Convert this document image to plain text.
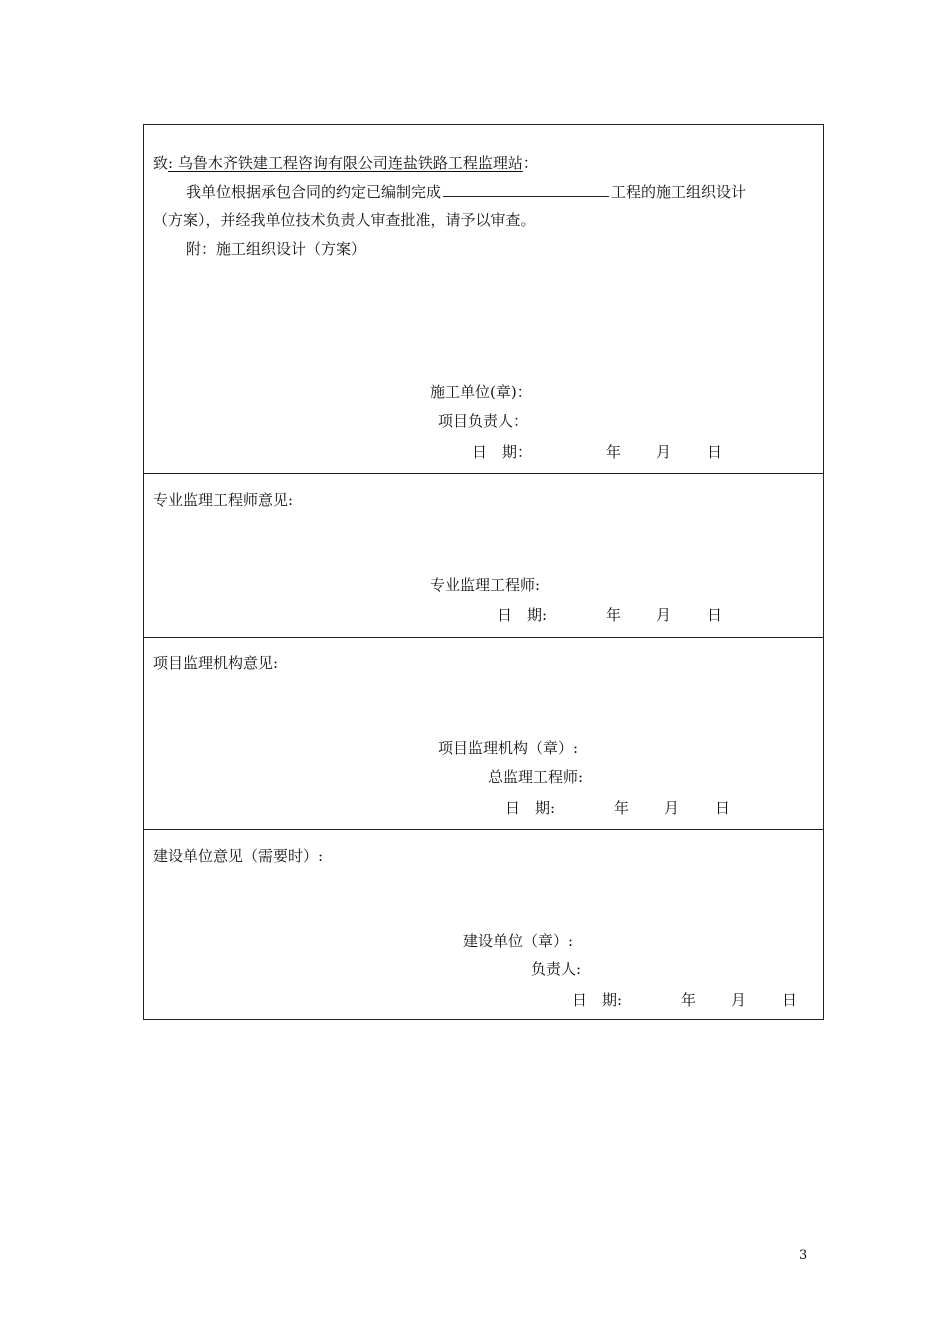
致: 乌鲁木齐铁建工程咨询有限公司连盐铁路工程监理站：
我单位根据承包合同的约定已编制完成	工程的施工组织设计
（方案），并经我单位技术负责人审查批准，请予以审查。
附：施工组织设计（方案）
施工单位(章)：
项目负责人：
日　期：	年 月 日
专业监理工程师意见:
专业监理工程师:
日　期:	年 月 日
项目监理机构意见:
项目监理机构（章）:
总监理工程师:
日　期:	年 月 日
建设单位意见（需要时）:
建设单位（章）:
负责人:
日　期:	年 月 日
3
